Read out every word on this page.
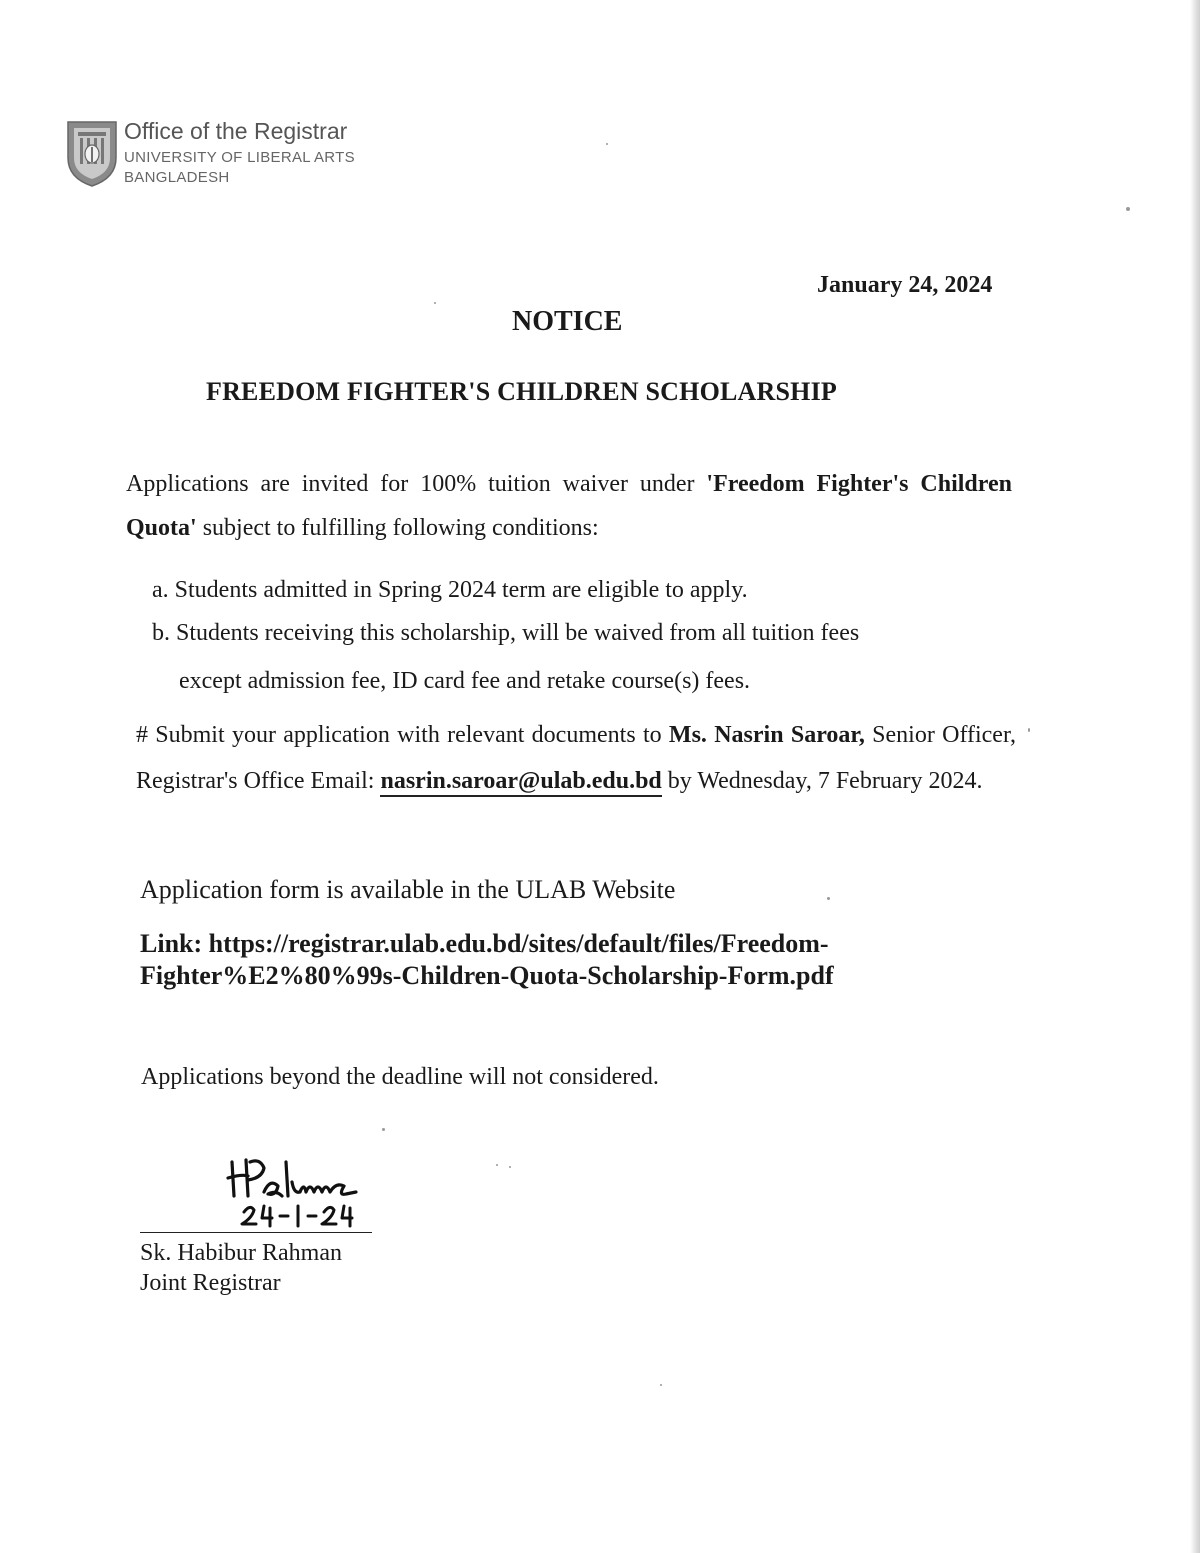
Office of the Registrar
UNIVERSITY OF LIBERAL ARTS
BANGLADESH
January 24, 2024
NOTICE
FREEDOM FIGHTER'S CHILDREN SCHOLARSHIP
Applications are invited for 100% tuition waiver under 'Freedom Fighter's Children Quota' subject to fulfilling following conditions:
a. Students admitted in Spring 2024 term are eligible to apply.
b. Students receiving this scholarship, will be waived from all tuition fees
except admission fee, ID card fee and retake course(s) fees.
# Submit your application with relevant documents to Ms. Nasrin Saroar, Senior Officer, Registrar's Office Email: nasrin.saroar@ulab.edu.bd by Wednesday, 7 February 2024.
Application form is available in the ULAB Website
Link: https://registrar.ulab.edu.bd/sites/default/files/Freedom-
Fighter%E2%80%99s-Children-Quota-Scholarship-Form.pdf
Applications beyond the deadline will not considered.
Sk. Habibur Rahman
Joint Registrar
